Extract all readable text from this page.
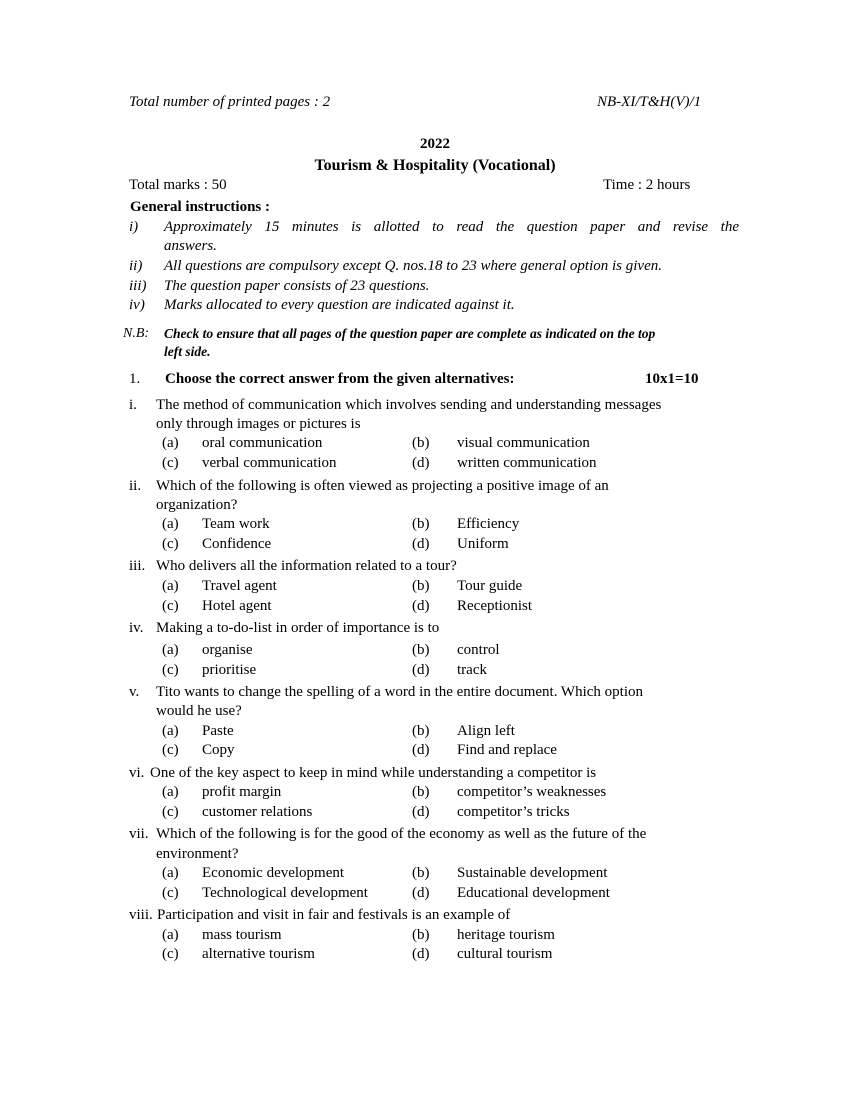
Total number of printed pages : 2	NB-XI/T&H(V)/1
2022
Tourism & Hospitality (Vocational)
Total marks : 50	Time : 2 hours
General instructions :
i) Approximately 15 minutes is allotted to read the question paper and revise the
answers.
ii) All questions are compulsory except Q. nos.18 to 23 where general option is given.
iii) The question paper consists of 23 questions.
iv) Marks allocated to every question are indicated against it.
N.B: Check to ensure that all pages of the question paper are complete as indicated on the top
left side.
1. Choose the correct answer from the given alternatives:	10x1=10
i. The method of communication which involves sending and understanding messages
only through images or pictures is
(a) oral communication	(b) visual communication
(c) verbal communication	(d) written communication
ii. Which of the following is often viewed as projecting a positive image of an
organization?
(a) Team work	(b) Efficiency
(c) Confidence	(d) Uniform
iii. Who delivers all the information related to a tour?
(a) Travel agent	(b) Tour guide
(c) Hotel agent	(d) Receptionist
iv. Making a to-do-list in order of importance is to
(a) organise	(b) control
(c) prioritise	(d) track
v. Tito wants to change the spelling of a word in the entire document. Which option
would he use?
(a) Paste	(b) Align left
(c) Copy	(d) Find and replace
vi. One of the key aspect to keep in mind while understanding a competitor is
(a) profit margin	(b) competitor’s weaknesses
(c) customer relations	(d) competitor’s tricks
vii. Which of the following is for the good of the economy as well as the future of the
environment?
(a) Economic development	(b) Sustainable development
(c) Technological development	(d) Educational development
viii. Participation and visit in fair and festivals is an example of
(a) mass tourism	(b) heritage tourism
(c) alternative tourism	(d) cultural tourism
